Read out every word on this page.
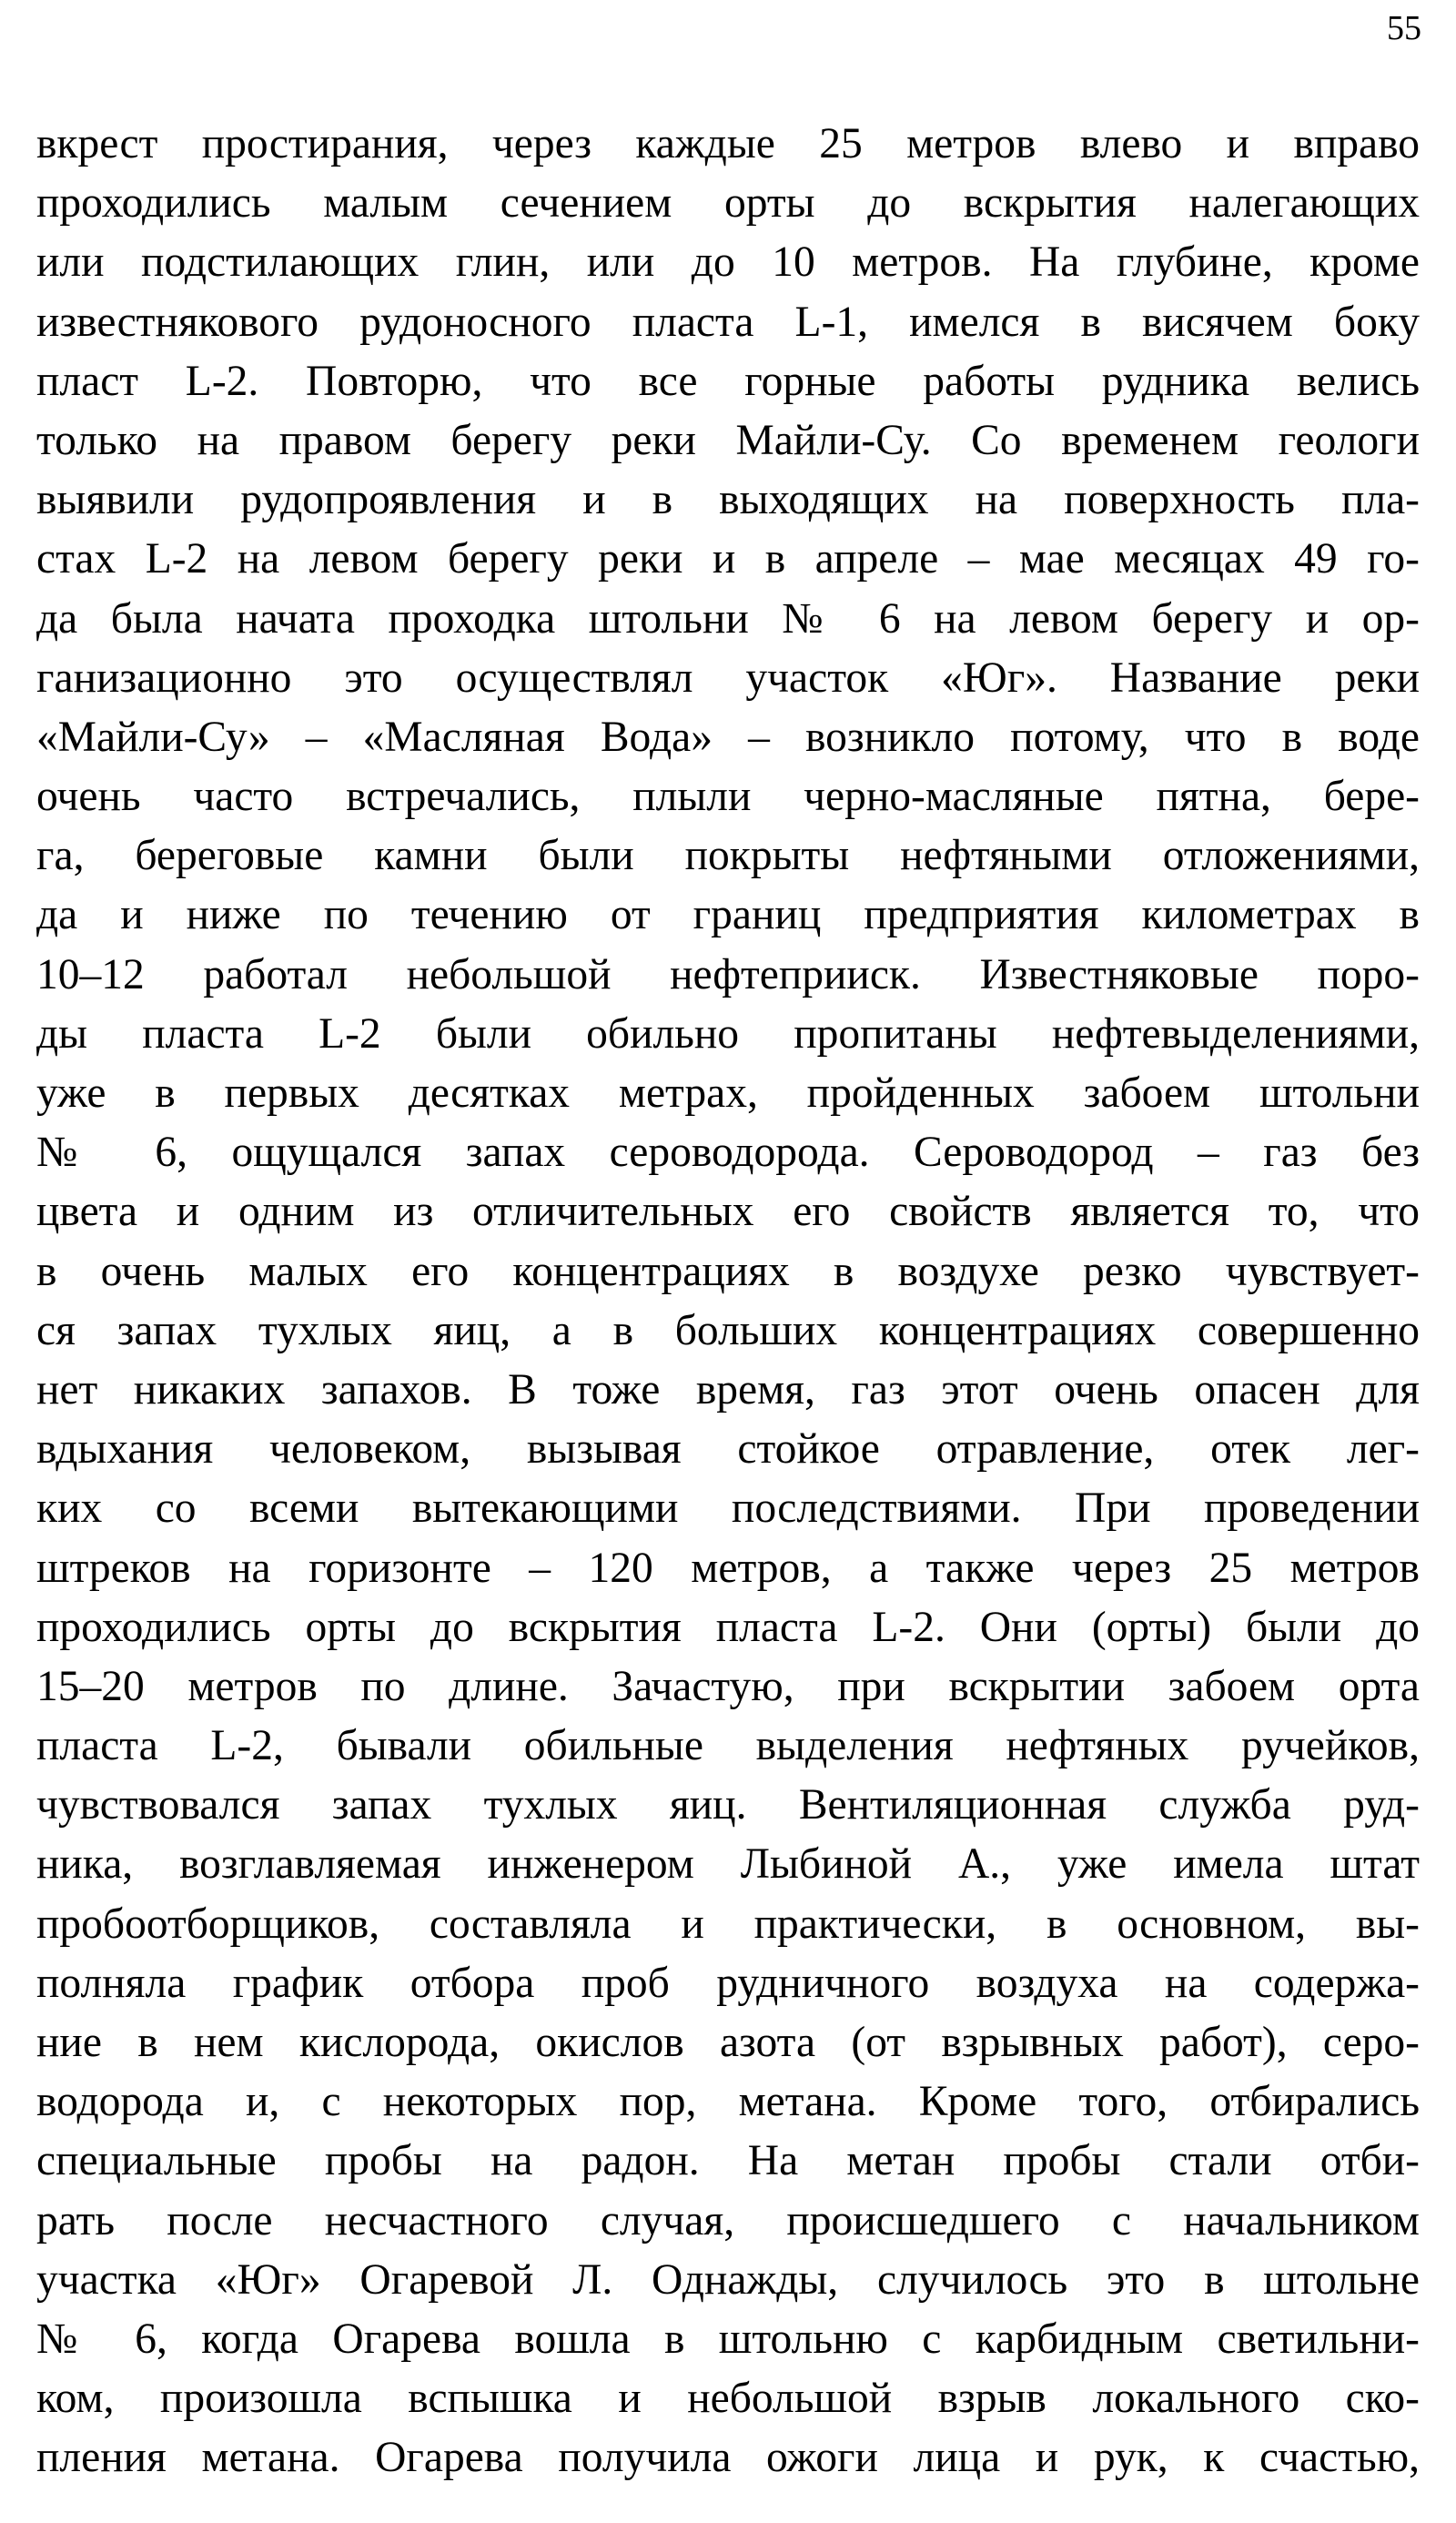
55
вкрест простирания, через каждые 25 метров влево и вправо
проходились малым сечением орты до вскрытия налегающих
или подстилающих глин, или до 10 метров. На глубине, кроме
известнякового рудоносного пласта L-1, имелся в висячем боку
пласт L-2. Повторю, что все горные работы рудника велись
только на правом берегу реки Майли-Су. Со временем геологи
выявили рудопроявления и в выходящих на поверхность пла-
стах L-2 на левом берегу реки и в апреле – мае месяцах 49 го-
да была начата проходка штольни № 6 на левом берегу и ор-
ганизационно это осуществлял участок «Юг». Название реки
«Майли-Су» – «Масляная Вода» – возникло потому, что в воде
очень часто встречались, плыли черно-масляные пятна, бере-
га, береговые камни были покрыты нефтяными отложениями,
да и ниже по течению от границ предприятия километрах в
10–12 работал небольшой нефтеприиск. Известняковые поро-
ды пласта L-2 были обильно пропитаны нефтевыделениями,
уже в первых десятках метрах, пройденных забоем штольни
№ 6, ощущался запах сероводорода. Сероводород – газ без
цвета и одним из отличительных его свойств является то, что
в очень малых его концентрациях в воздухе резко чувствует-
ся запах тухлых яиц, а в больших концентрациях совершенно
нет никаких запахов. В тоже время, газ этот очень опасен для
вдыхания человеком, вызывая стойкое отравление, отек лег-
ких со всеми вытекающими последствиями. При проведении
штреков на горизонте – 120 метров, а также через 25 метров
проходились орты до вскрытия пласта L-2. Они (орты) были до
15–20 метров по длине. Зачастую, при вскрытии забоем орта
пласта L-2, бывали обильные выделения нефтяных ручейков,
чувствовался запах тухлых яиц. Вентиляционная служба руд-
ника, возглавляемая инженером Лыбиной А., уже имела штат
пробоотборщиков, составляла и практически, в основном, вы-
полняла график отбора проб рудничного воздуха на содержа-
ние в нем кислорода, окислов азота (от взрывных работ), серо-
водорода и, с некоторых пор, метана. Кроме того, отбирались
специальные пробы на радон. На метан пробы стали отби-
рать после несчастного случая, происшедшего с начальником
участка «Юг» Огаревой Л. Однажды, случилось это в штольне
№ 6, когда Огарева вошла в штольню с карбидным светильни-
ком, произошла вспышка и небольшой взрыв локального ско-
пления метана. Огарева получила ожоги лица и рук, к счастью,
